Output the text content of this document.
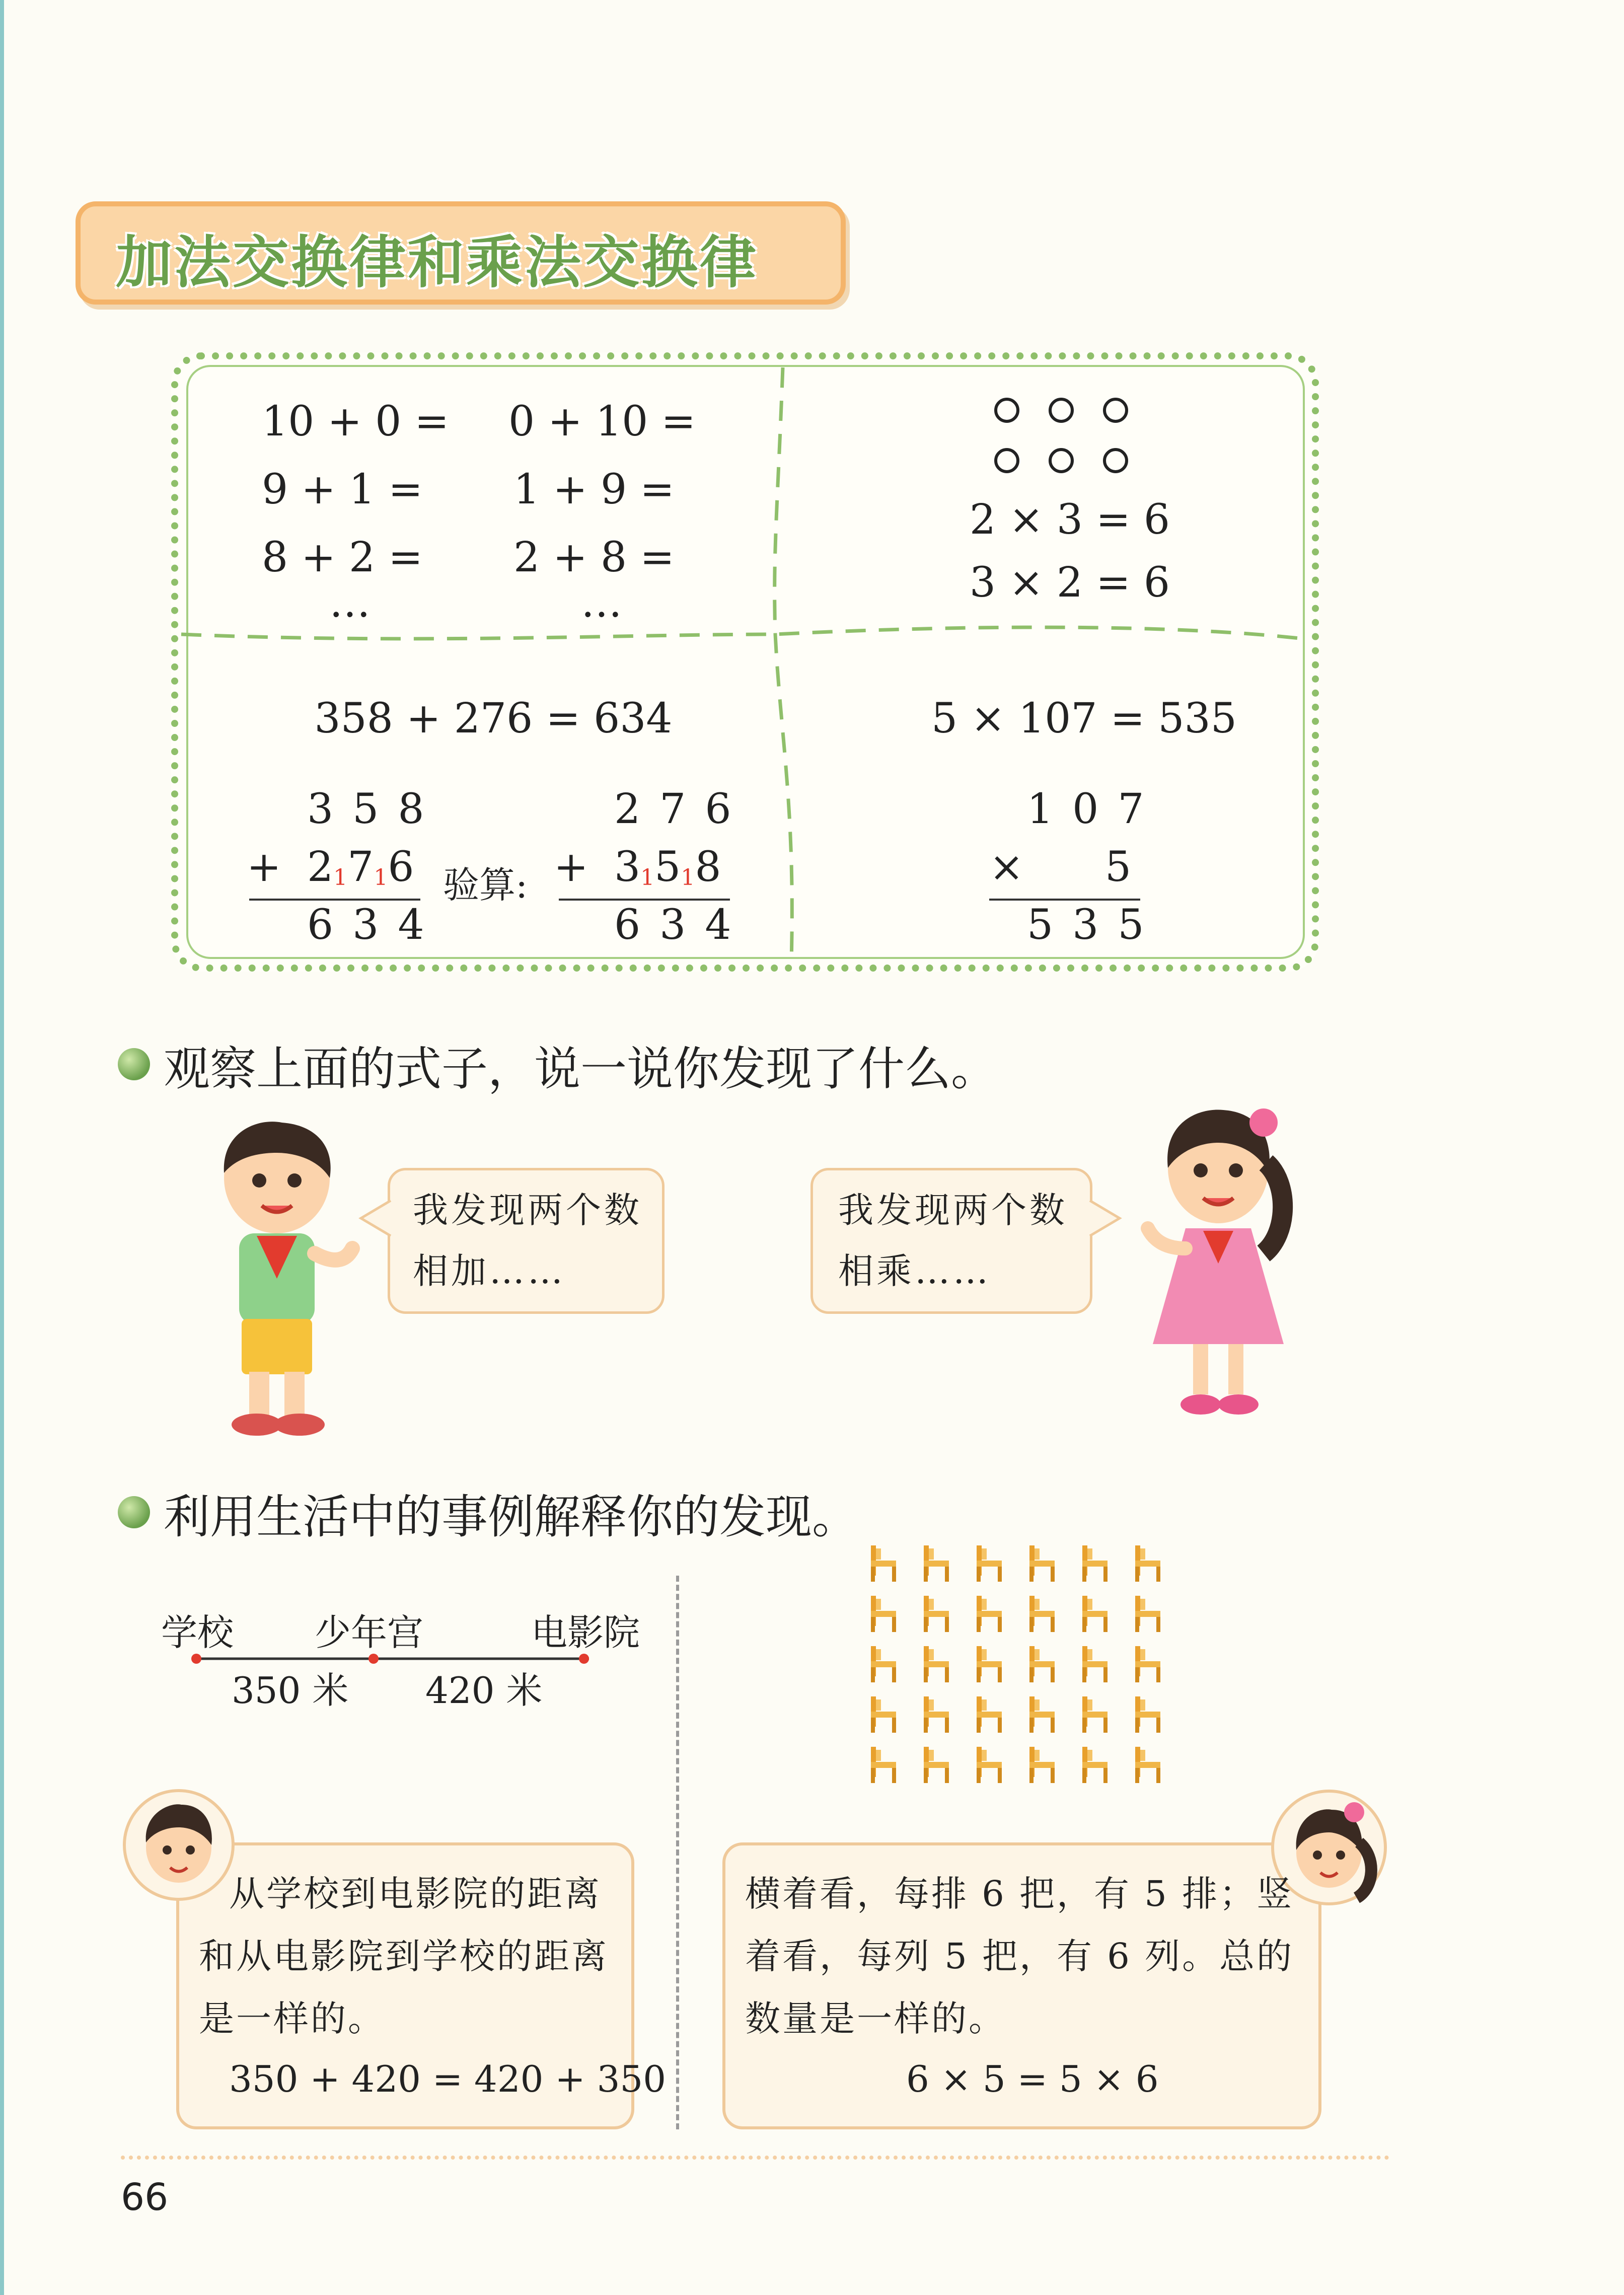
加法交换律和乘法交换律
10 + 0 =
9 + 1 =
8 + 2 =
…
0 + 10 =
1 + 9 =
2 + 8 =
…
2 × 3 = 6
3 × 2 = 6
358 + 276 = 634
358
+ 21716
634
验算:
276
+ 31518
634
5 × 107 = 535
107
× 5
535
观察上面的式子，说一说你发现了什么。
我发现两个数
相加……
我发现两个数
相乘……
利用生活中的事例解释你的发现。
学校 少年宫	电影院
350 米 420 米
从学校到电影院的距离
和从电影院到学校的距离
是一样的。
350 + 420 = 420 + 350
横着看，每排 6 把，有 5 排；竖
着看，每列 5 把，有 6 列。总的
数量是一样的。
6 × 5 = 5 × 6
66
